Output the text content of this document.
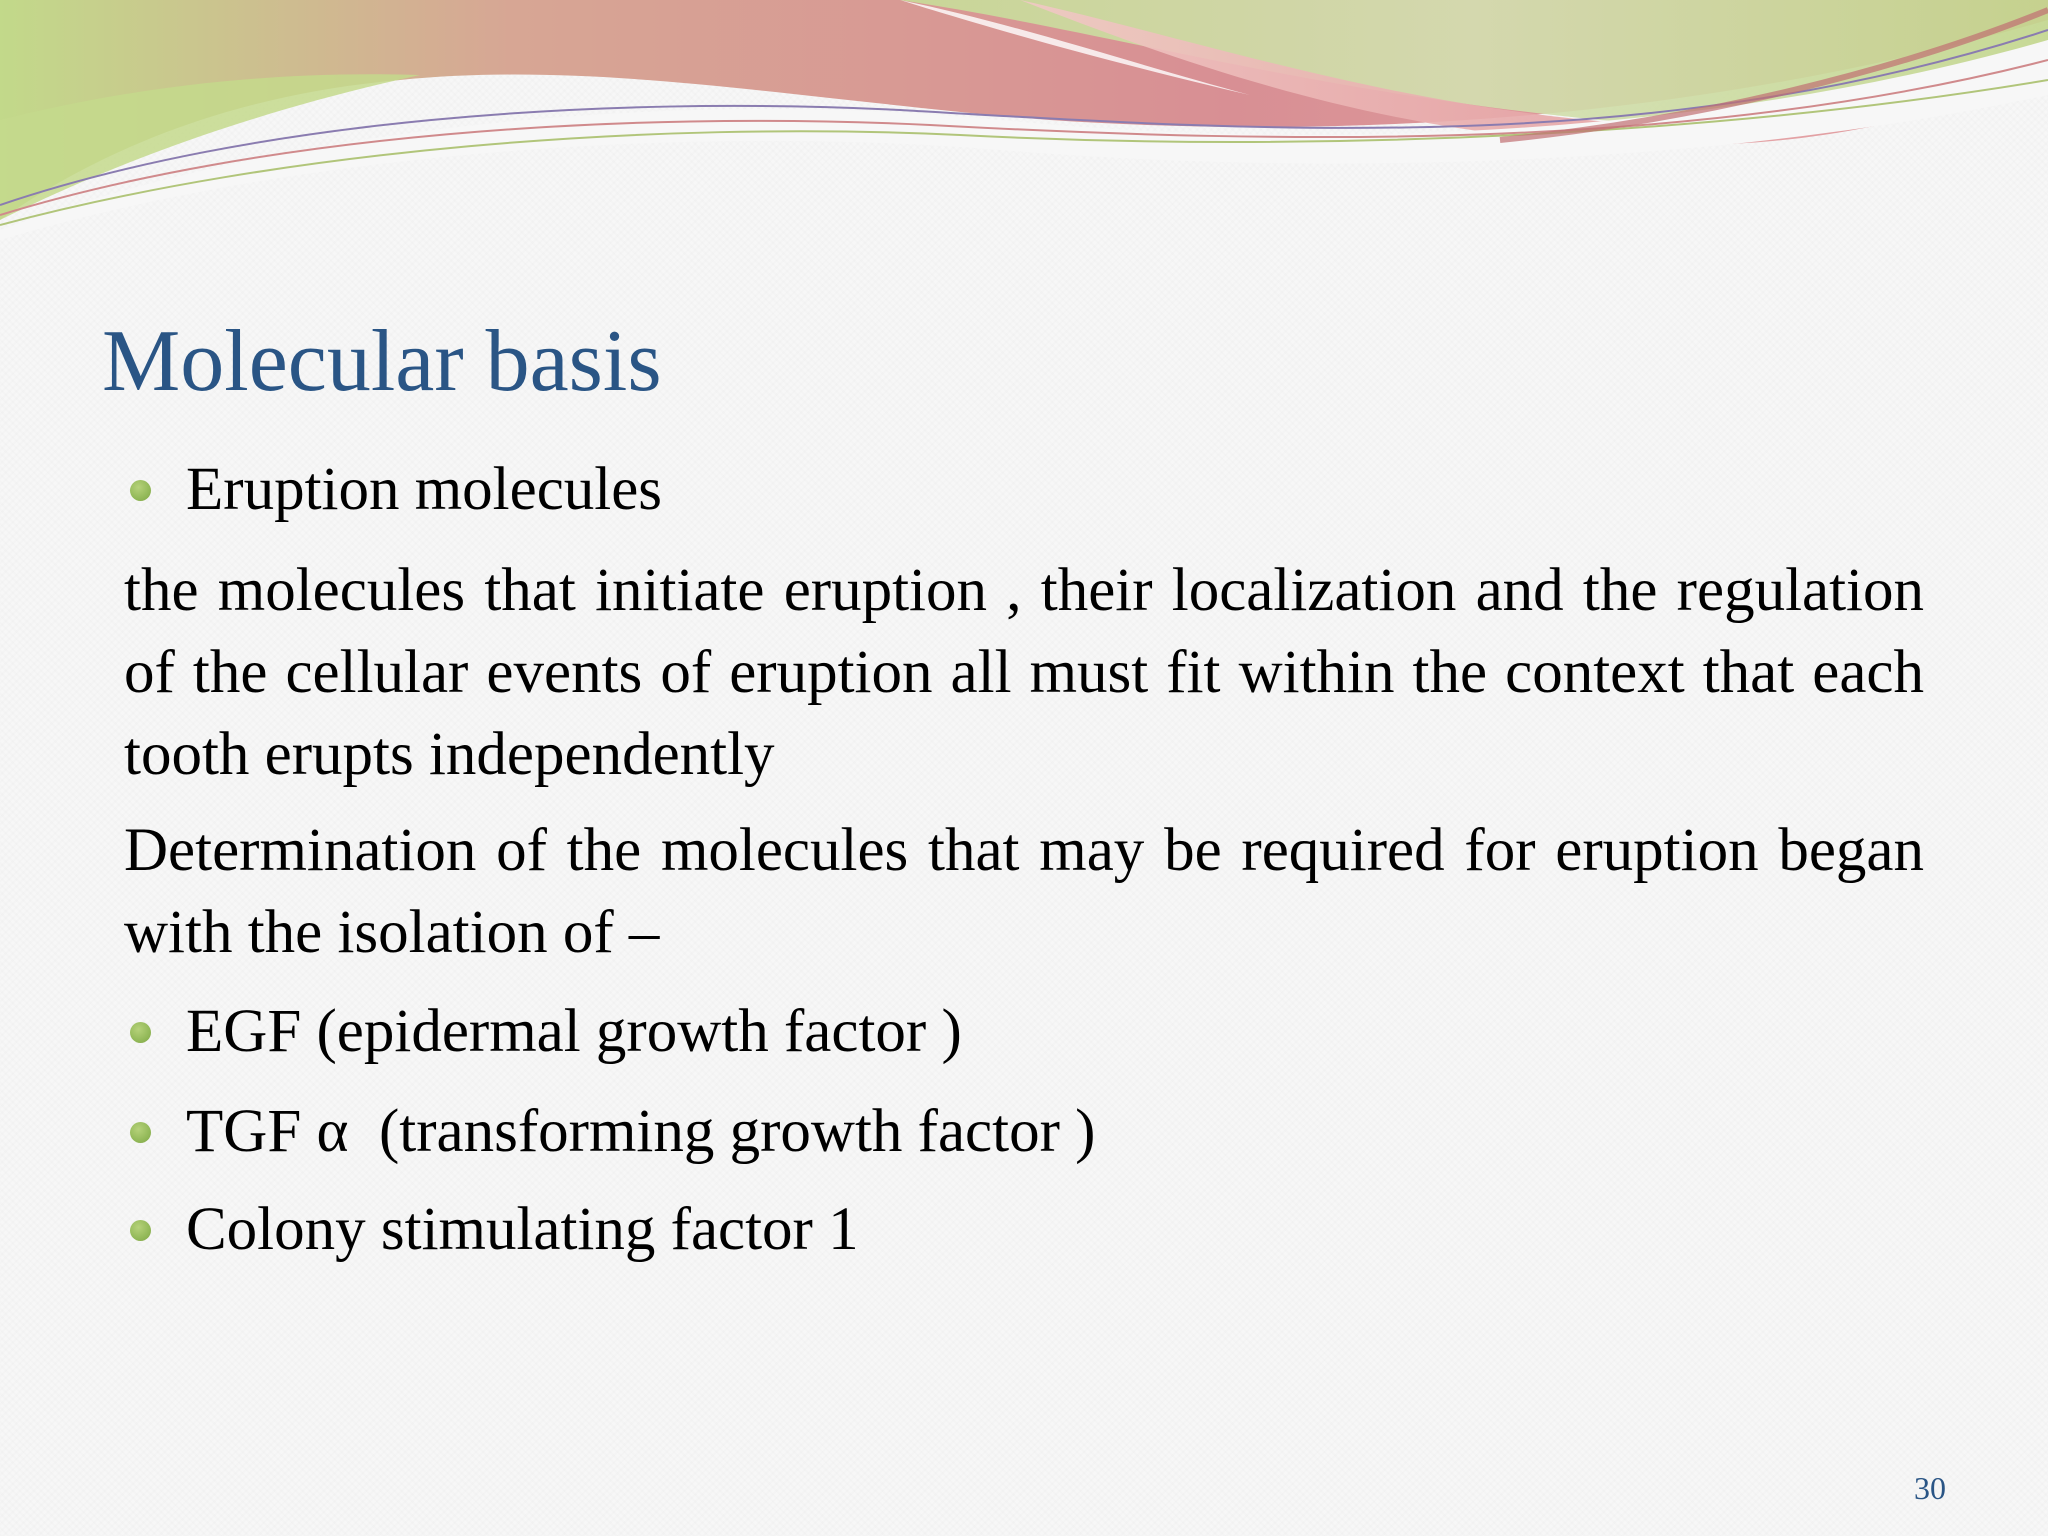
Molecular basis
Eruption molecules

the molecules that initiate eruption , their localization and the regulation of the cellular events of eruption all must fit within the context that each tooth erupts independently

Determination of the molecules that may be required for eruption began with the isolation of –

EGF (epidermal growth factor )
TGF α  (transforming growth factor )
Colony stimulating factor 1
30
